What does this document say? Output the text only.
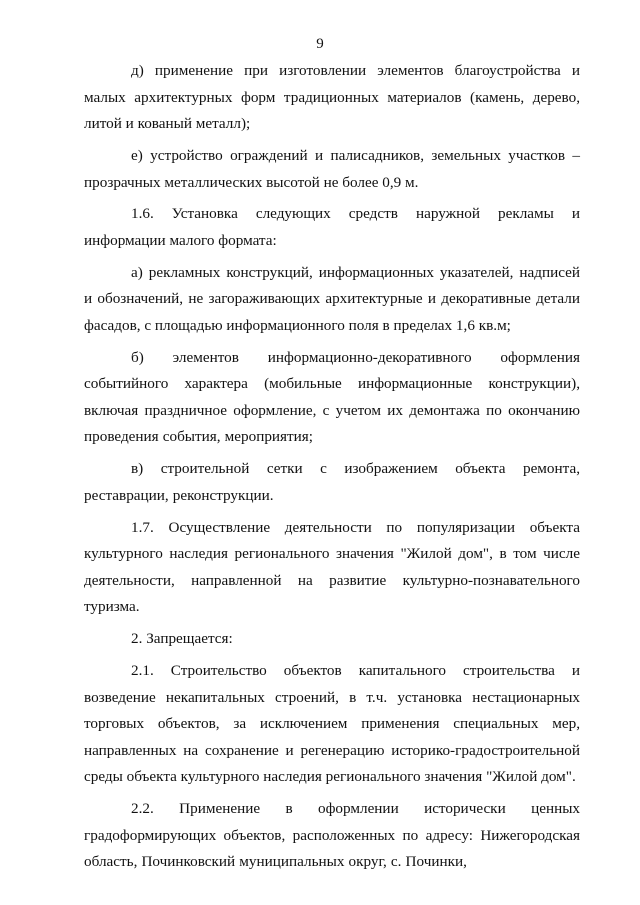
9

д) применение при изготовлении элементов благоустройства и малых архитектурных форм традиционных материалов (камень, дерево, литой и кованый металл);

е) устройство ограждений и палисадников, земельных участков – прозрачных металлических высотой не более 0,9 м.

1.6. Установка следующих средств наружной рекламы и информации малого формата:

а) рекламных конструкций, информационных указателей, надписей и обозначений, не загораживающих архитектурные и декоративные детали фасадов, с площадью информационного поля в пределах 1,6 кв.м;

б) элементов информационно-декоративного оформления событийного характера (мобильные информационные конструкции), включая праздничное оформление, с учетом их демонтажа по окончанию проведения события, мероприятия;

в) строительной сетки с изображением объекта ремонта, реставрации, реконструкции.

1.7. Осуществление деятельности по популяризации объекта культурного наследия регионального значения "Жилой дом", в том числе деятельности, направленной на развитие культурно-познавательного туризма.

2. Запрещается:

2.1. Строительство объектов капитального строительства и возведение некапитальных строений, в т.ч. установка нестационарных торговых объектов, за исключением применения специальных мер, направленных на сохранение и регенерацию историко-градостроительной среды объекта культурного наследия регионального значения "Жилой дом".

2.2. Применение в оформлении исторически ценных градоформирующих объектов, расположенных по адресу: Нижегородская область, Починковский муниципальных округ, с. Починки,
